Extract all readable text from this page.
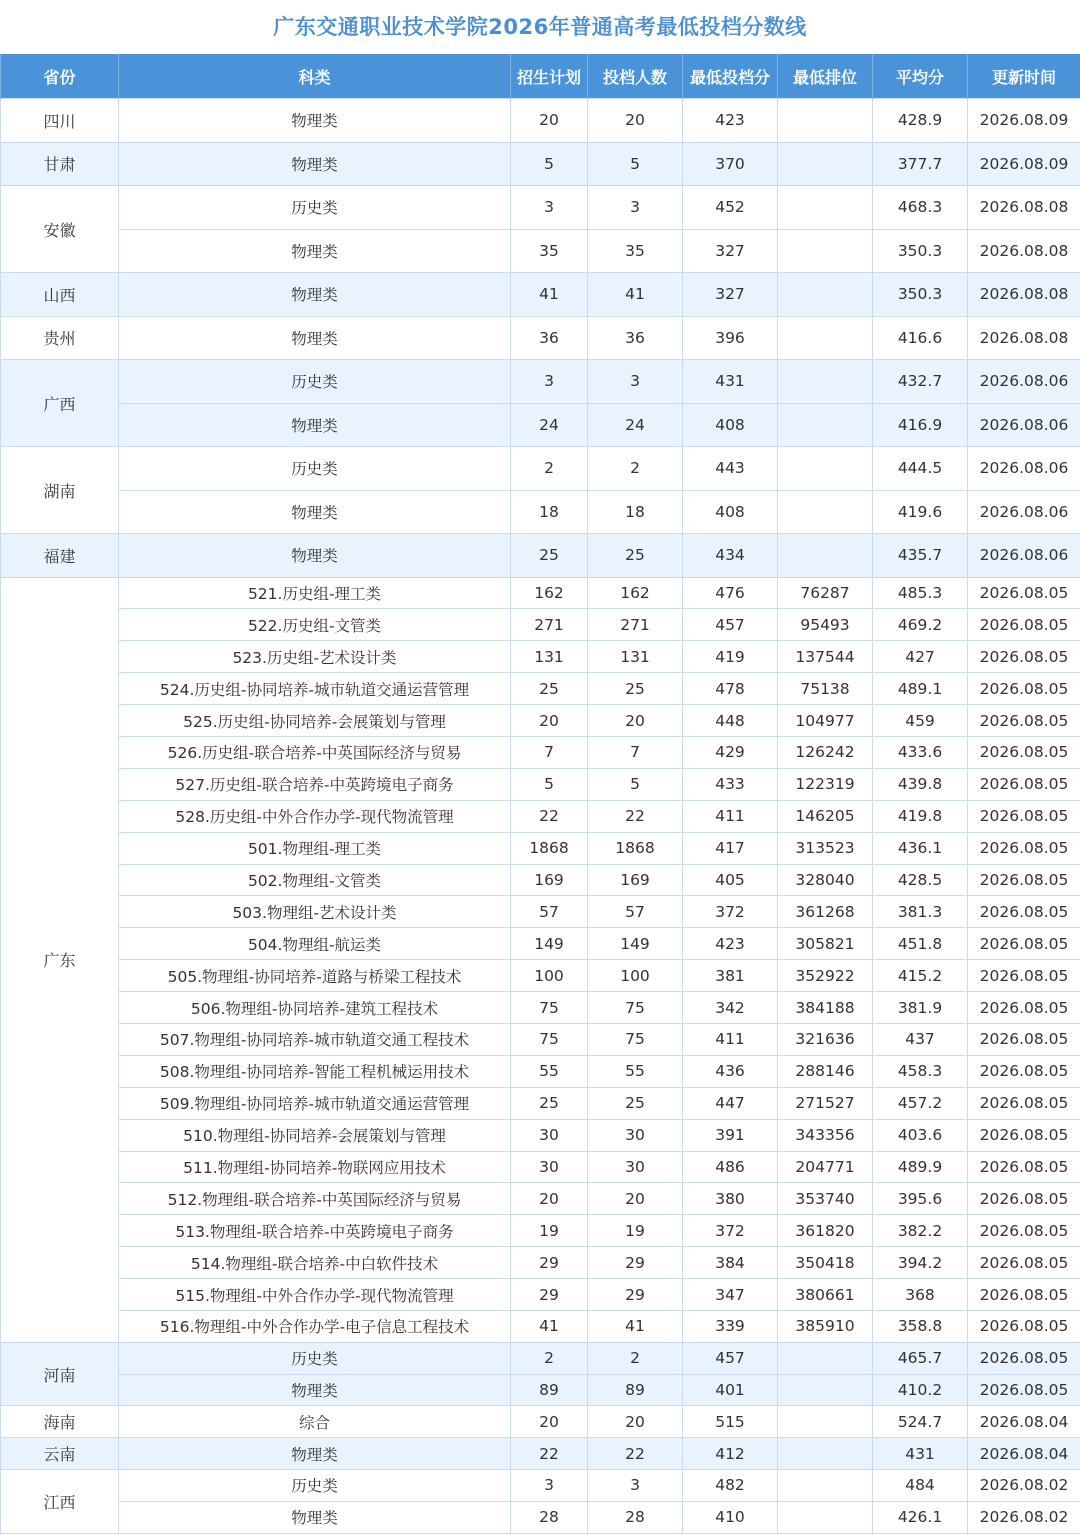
广东交通职业技术学院2026年普通高考最低投档分数线
省份	科类	招生计划	投档人数	最低投档分	最低排位	平均分	更新时间
四川	物理类	20	20	423		428.9	2026.08.09
甘肃	物理类	5	5	370		377.7	2026.08.09
安徽	历史类	3	3	452		468.3	2026.08.08
	物理类	35	35	327		350.3	2026.08.08
山西	物理类	41	41	327		350.3	2026.08.08
贵州	物理类	36	36	396		416.6	2026.08.08
广西	历史类	3	3	431		432.7	2026.08.06
	物理类	24	24	408		416.9	2026.08.06
湖南	历史类	2	2	443		444.5	2026.08.06
	物理类	18	18	408		419.6	2026.08.06
福建	物理类	25	25	434		435.7	2026.08.06
广东	521.历史组-理工类	162	162	476	76287	485.3	2026.08.05
	522.历史组-文管类	271	271	457	95493	469.2	2026.08.05
	523.历史组-艺术设计类	131	131	419	137544	427	2026.08.05
	524.历史组-协同培养-城市轨道交通运营管理	25	25	478	75138	489.1	2026.08.05
	525.历史组-协同培养-会展策划与管理	20	20	448	104977	459	2026.08.05
	526.历史组-联合培养-中英国际经济与贸易	7	7	429	126242	433.6	2026.08.05
	527.历史组-联合培养-中英跨境电子商务	5	5	433	122319	439.8	2026.08.05
	528.历史组-中外合作办学-现代物流管理	22	22	411	146205	419.8	2026.08.05
	501.物理组-理工类	1868	1868	417	313523	436.1	2026.08.05
	502.物理组-文管类	169	169	405	328040	428.5	2026.08.05
	503.物理组-艺术设计类	57	57	372	361268	381.3	2026.08.05
	504.物理组-航运类	149	149	423	305821	451.8	2026.08.05
	505.物理组-协同培养-道路与桥梁工程技术	100	100	381	352922	415.2	2026.08.05
	506.物理组-协同培养-建筑工程技术	75	75	342	384188	381.9	2026.08.05
	507.物理组-协同培养-城市轨道交通工程技术	75	75	411	321636	437	2026.08.05
	508.物理组-协同培养-智能工程机械运用技术	55	55	436	288146	458.3	2026.08.05
	509.物理组-协同培养-城市轨道交通运营管理	25	25	447	271527	457.2	2026.08.05
	510.物理组-协同培养-会展策划与管理	30	30	391	343356	403.6	2026.08.05
	511.物理组-协同培养-物联网应用技术	30	30	486	204771	489.9	2026.08.05
	512.物理组-联合培养-中英国际经济与贸易	20	20	380	353740	395.6	2026.08.05
	513.物理组-联合培养-中英跨境电子商务	19	19	372	361820	382.2	2026.08.05
	514.物理组-联合培养-中白软件技术	29	29	384	350418	394.2	2026.08.05
	515.物理组-中外合作办学-现代物流管理	29	29	347	380661	368	2026.08.05
	516.物理组-中外合作办学-电子信息工程技术	41	41	339	385910	358.8	2026.08.05
河南	历史类	2	2	457		465.7	2026.08.05
	物理类	89	89	401		410.2	2026.08.05
海南	综合	20	20	515		524.7	2026.08.04
云南	物理类	22	22	412		431	2026.08.04
江西	历史类	3	3	482		484	2026.08.02
	物理类	28	28	410		426.1	2026.08.02
